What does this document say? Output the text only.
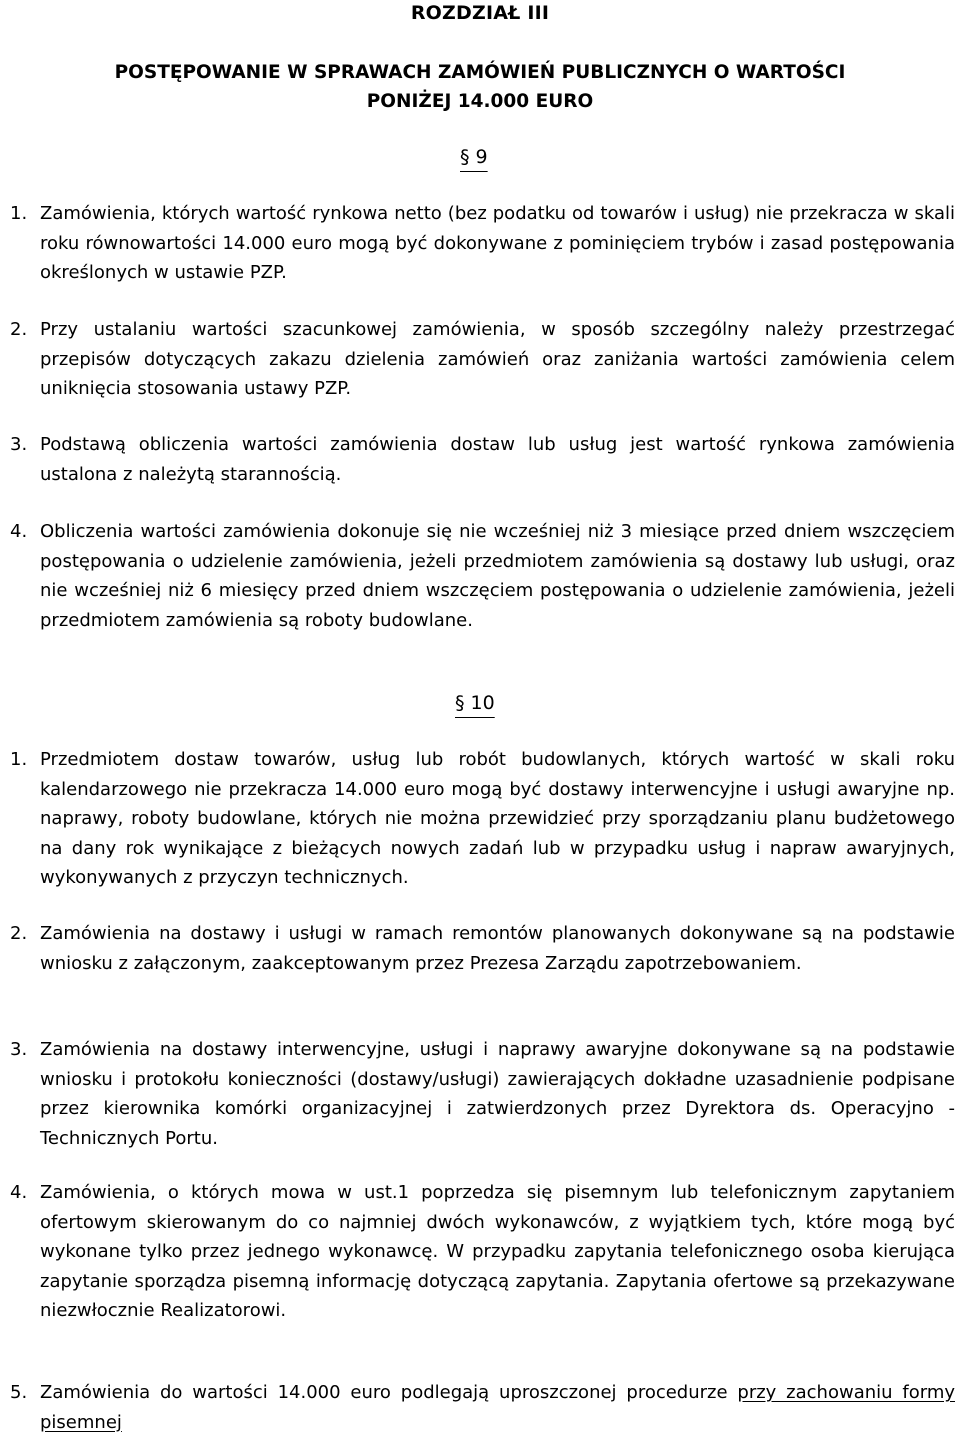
ROZDZIAŁ III
POSTĘPOWANIE W SPRAWACH ZAMÓWIEŃ PUBLICZNYCH O WARTOŚCI
PONIŻEJ 14.000 EURO
§ 9
1. Zamówienia, których wartość rynkowa netto (bez podatku od towarów i usług) nie przekracza w skali roku równowartości 14.000 euro mogą być dokonywane z pominięciem trybów i zasad postępowania określonych w ustawie PZP.
2. Przy ustalaniu wartości szacunkowej zamówienia, w sposób szczególny należy przestrzegać przepisów dotyczących zakazu dzielenia zamówień oraz zaniżania wartości zamówienia celem uniknięcia stosowania ustawy PZP.
3. Podstawą obliczenia wartości zamówienia dostaw lub usług jest wartość rynkowa zamówienia ustalona z należytą starannością.
4. Obliczenia wartości zamówienia dokonuje się nie wcześniej niż 3 miesiące przed dniem wszczęciem postępowania o udzielenie zamówienia, jeżeli przedmiotem zamówienia są dostawy lub usługi, oraz nie wcześniej niż 6 miesięcy przed dniem wszczęciem postępowania o udzielenie zamówienia, jeżeli przedmiotem zamówienia są roboty budowlane.
§ 10
1. Przedmiotem dostaw towarów, usług lub robót budowlanych, których wartość w skali roku kalendarzowego nie przekracza 14.000 euro mogą być dostawy interwencyjne i usługi awaryjne np. naprawy, roboty budowlane, których nie można przewidzieć przy sporządzaniu planu budżetowego na dany rok wynikające z bieżących nowych zadań lub w przypadku usług i napraw awaryjnych, wykonywanych z przyczyn technicznych.
2. Zamówienia na dostawy i usługi w ramach remontów planowanych dokonywane są na podstawie wniosku z załączonym, zaakceptowanym przez Prezesa Zarządu zapotrzebowaniem.
3. Zamówienia na dostawy interwencyjne, usługi i naprawy awaryjne dokonywane są na podstawie wniosku i protokołu konieczności (dostawy/usługi) zawierających dokładne uzasadnienie podpisane przez kierownika komórki organizacyjnej i zatwierdzonych przez Dyrektora ds. Operacyjno - Technicznych Portu.
4. Zamówienia, o których mowa w ust.1 poprzedza się pisemnym lub telefonicznym zapytaniem ofertowym skierowanym do co najmniej dwóch wykonawców, z wyjątkiem tych, które mogą być wykonane tylko przez jednego wykonawcę. W przypadku zapytania telefonicznego osoba kierująca zapytanie sporządza pisemną informację dotyczącą zapytania. Zapytania ofertowe są przekazywane niezwłocznie Realizatorowi.
5. Zamówienia do wartości 14.000 euro podlegają uproszczonej procedurze przy zachowaniu formy pisemnej
